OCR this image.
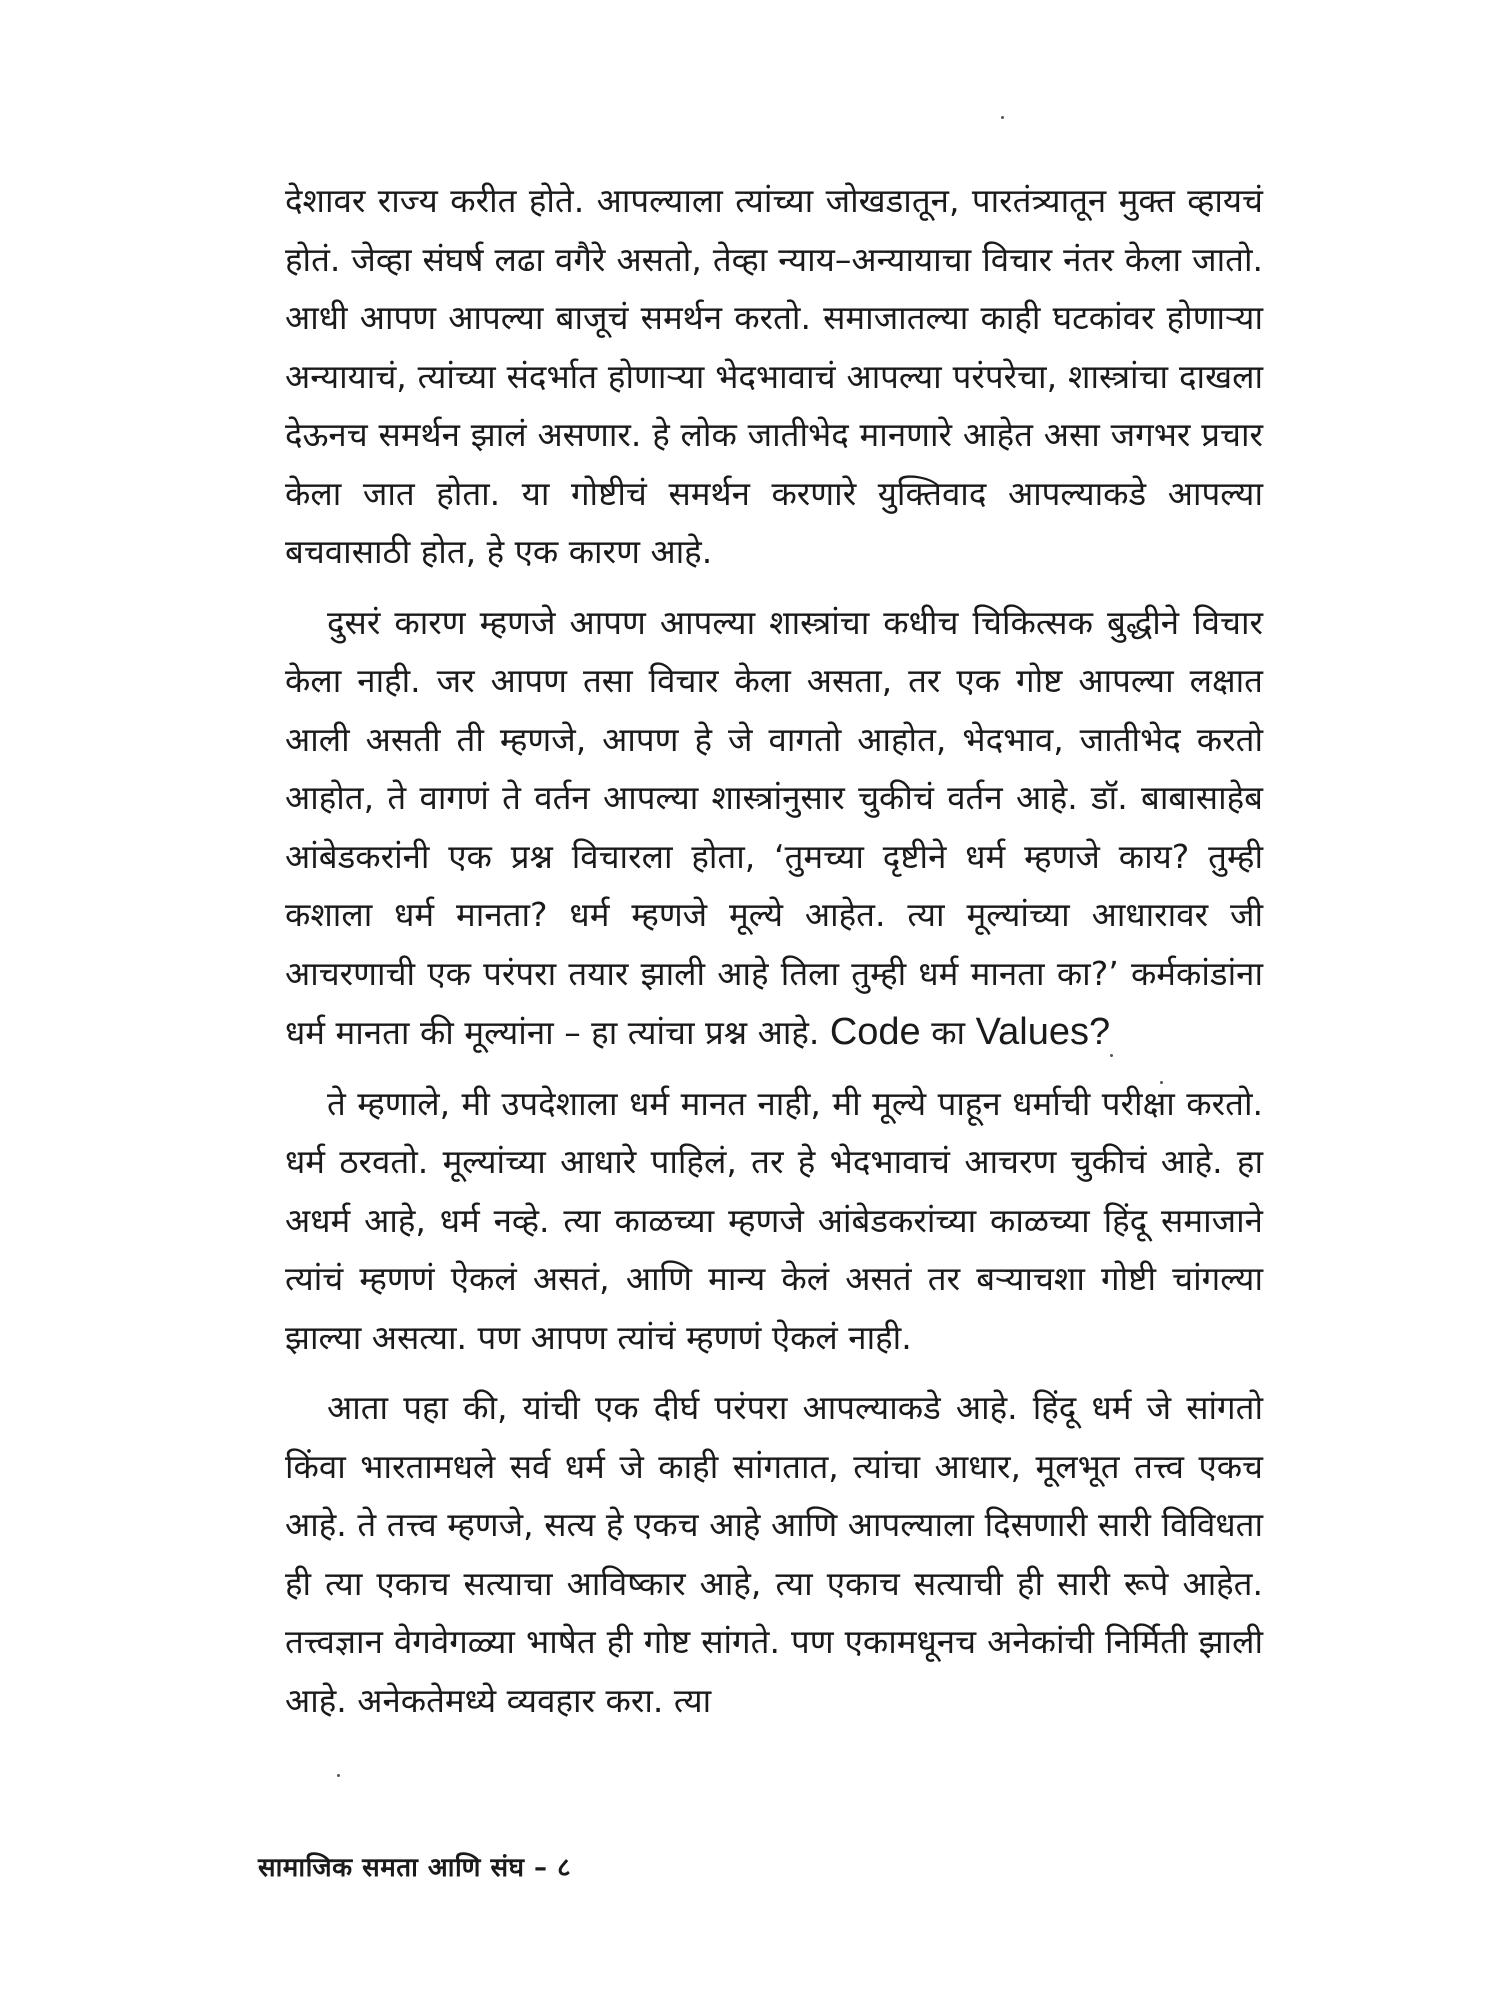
देशावर राज्य करीत होते. आपल्याला त्यांच्या जोखडातून, पारतंत्र्यातून मुक्त व्हायचं होतं. जेव्हा संघर्ष लढा वगैरे असतो, तेव्हा न्याय–अन्यायाचा विचार नंतर केला जातो. आधी आपण आपल्या बाजूचं समर्थन करतो. समाजातल्या काही घटकांवर होणाऱ्या अन्यायाचं, त्यांच्या संदर्भात होणाऱ्या भेदभावाचं आपल्या परंपरेचा, शास्त्रांचा दाखला देऊनच समर्थन झालं असणार. हे लोक जातीभेद मानणारे आहेत असा जगभर प्रचार केला जात होता. या गोष्टीचं समर्थन करणारे युक्तिवाद आपल्याकडे आपल्या बचवासाठी होत, हे एक कारण आहे.

दुसरं कारण म्हणजे आपण आपल्या शास्त्रांचा कधीच चिकित्सक बुद्धीने विचार केला नाही. जर आपण तसा विचार केला असता, तर एक गोष्ट आपल्या लक्षात आली असती ती म्हणजे, आपण हे जे वागतो आहोत, भेदभाव, जातीभेद करतो आहोत, ते वागणं ते वर्तन आपल्या शास्त्रांनुसार चुकीचं वर्तन आहे. डॉ. बाबासाहेब आंबेडकरांनी एक प्रश्न विचारला होता, ‘तुमच्या दृष्टीने धर्म म्हणजे काय? तुम्ही कशाला धर्म मानता? धर्म म्हणजे मूल्ये आहेत. त्या मूल्यांच्या आधारावर जी आचरणाची एक परंपरा तयार झाली आहे तिला तुम्ही धर्म मानता का?’ कर्मकांडांना धर्म मानता की मूल्यांना – हा त्यांचा प्रश्न आहे. Code का Values?

ते म्हणाले, मी उपदेशाला धर्म मानत नाही, मी मूल्ये पाहून धर्माची परीक्षा करतो. धर्म ठरवतो. मूल्यांच्या आधारे पाहिलं, तर हे भेदभावाचं आचरण चुकीचं आहे. हा अधर्म आहे, धर्म नव्हे. त्या काळच्या म्हणजे आंबेडकरांच्या काळच्या हिंदू समाजाने त्यांचं म्हणणं ऐकलं असतं, आणि मान्य केलं असतं तर बऱ्याचशा गोष्टी चांगल्या झाल्या असत्या. पण आपण त्यांचं म्हणणं ऐकलं नाही.

आता पहा की, यांची एक दीर्घ परंपरा आपल्याकडे आहे. हिंदू धर्म जे सांगतो किंवा भारतामधले सर्व धर्म जे काही सांगतात, त्यांचा आधार, मूलभूत तत्त्व एकच आहे. ते तत्त्व म्हणजे, सत्य हे एकच आहे आणि आपल्याला दिसणारी सारी विविधता ही त्या एकाच सत्याचा आविष्कार आहे, त्या एकाच सत्याची ही सारी रूपे आहेत. तत्त्वज्ञान वेगवेगळ्या भाषेत ही गोष्ट सांगते. पण एकामधूनच अनेकांची निर्मिती झाली आहे. अनेकतेमध्ये व्यवहार करा. त्या

सामाजिक समता आणि संघ – ८
